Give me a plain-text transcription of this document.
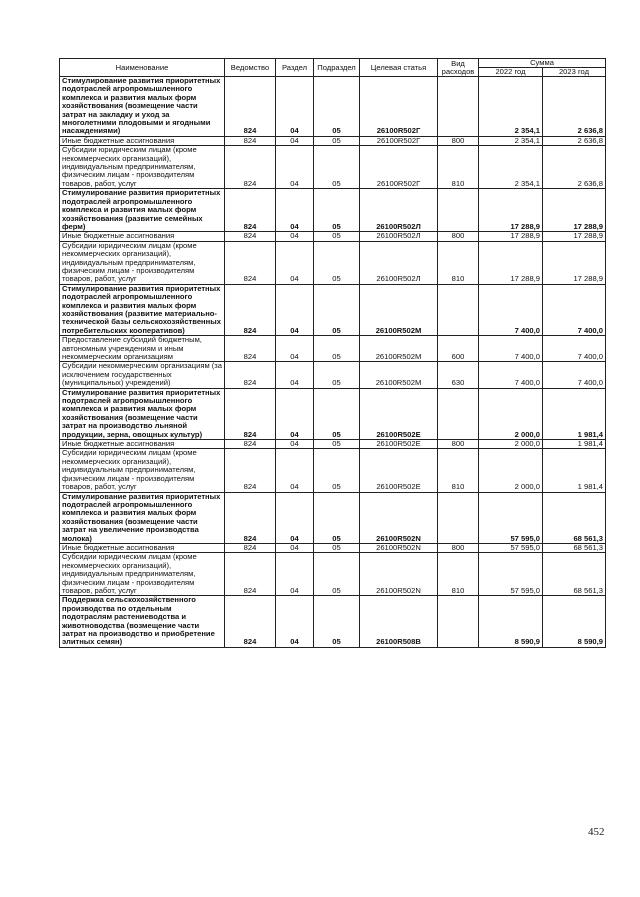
Наименование	Ведомство	Раздел	Подраздел	Целевая статья	Вид расходов	Сумма	
						2022 год	2023 год
Стимулирование развития приоритетных подотраслей агропромышленного комплекса и развития малых форм хозяйствования (возмещение части затрат на закладку и уход за многолетними плодовыми и ягодными насаждениями)	824	04	05	26100R502Г		2 354,1	2 636,8
Иные бюджетные ассигнования	824	04	05	26100R502Г	800	2 354,1	2 636,8
Субсидии юридическим лицам (кроме некоммерческих организаций), индивидуальным предпринимателям, физическим лицам - производителям товаров, работ, услуг	824	04	05	26100R502Г	810	2 354,1	2 636,8
Стимулирование развития приоритетных подотраслей агропромышленного комплекса и развития малых форм хозяйствования (развитие семейных ферм)	824	04	05	26100R502Л		17 288,9	17 288,9
Иные бюджетные ассигнования	824	04	05	26100R502Л	800	17 288,9	17 288,9
Субсидии юридическим лицам (кроме некоммерческих организаций), индивидуальным предпринимателям, физическим лицам - производителям товаров, работ, услуг	824	04	05	26100R502Л	810	17 288,9	17 288,9
Стимулирование развития приоритетных подотраслей агропромышленного комплекса и развития малых форм хозяйствования (развитие материально-технической базы сельскохозяйственных потребительских кооперативов)	824	04	05	26100R502М		7 400,0	7 400,0
Предоставление субсидий бюджетным, автономным учреждениям и иным некоммерческим организациям	824	04	05	26100R502М	600	7 400,0	7 400,0
Субсидии некоммерческим организациям (за исключением государственных (муниципальных) учреждений)	824	04	05	26100R502М	630	7 400,0	7 400,0
Стимулирование развития приоритетных подотраслей агропромышленного комплекса и развития малых форм хозяйствования (возмещение части затрат на производство льняной продукции, зерна, овощных культур)	824	04	05	26100R502Е		2 000,0	1 981,4
Иные бюджетные ассигнования	824	04	05	26100R502Е	800	2 000,0	1 981,4
Субсидии юридическим лицам (кроме некоммерческих организаций), индивидуальным предпринимателям, физическим лицам - производителям товаров, работ, услуг	824	04	05	26100R502Е	810	2 000,0	1 981,4
Стимулирование развития приоритетных подотраслей агропромышленного комплекса и развития малых форм хозяйствования (возмещение части затрат на увеличение производства молока)	824	04	05	26100R502N		57 595,0	68 561,3
Иные бюджетные ассигнования	824	04	05	26100R502N	800	57 595,0	68 561,3
Субсидии юридическим лицам (кроме некоммерческих организаций), индивидуальным предпринимателям, физическим лицам - производителям товаров, работ, услуг	824	04	05	26100R502N	810	57 595,0	68 561,3
Поддержка сельскохозяйственного производства по отдельным подотраслям растениеводства и животноводства (возмещение части затрат на производство и приобретение элитных семян)	824	04	05	26100R508В		8 590,9	8 590,9
452
